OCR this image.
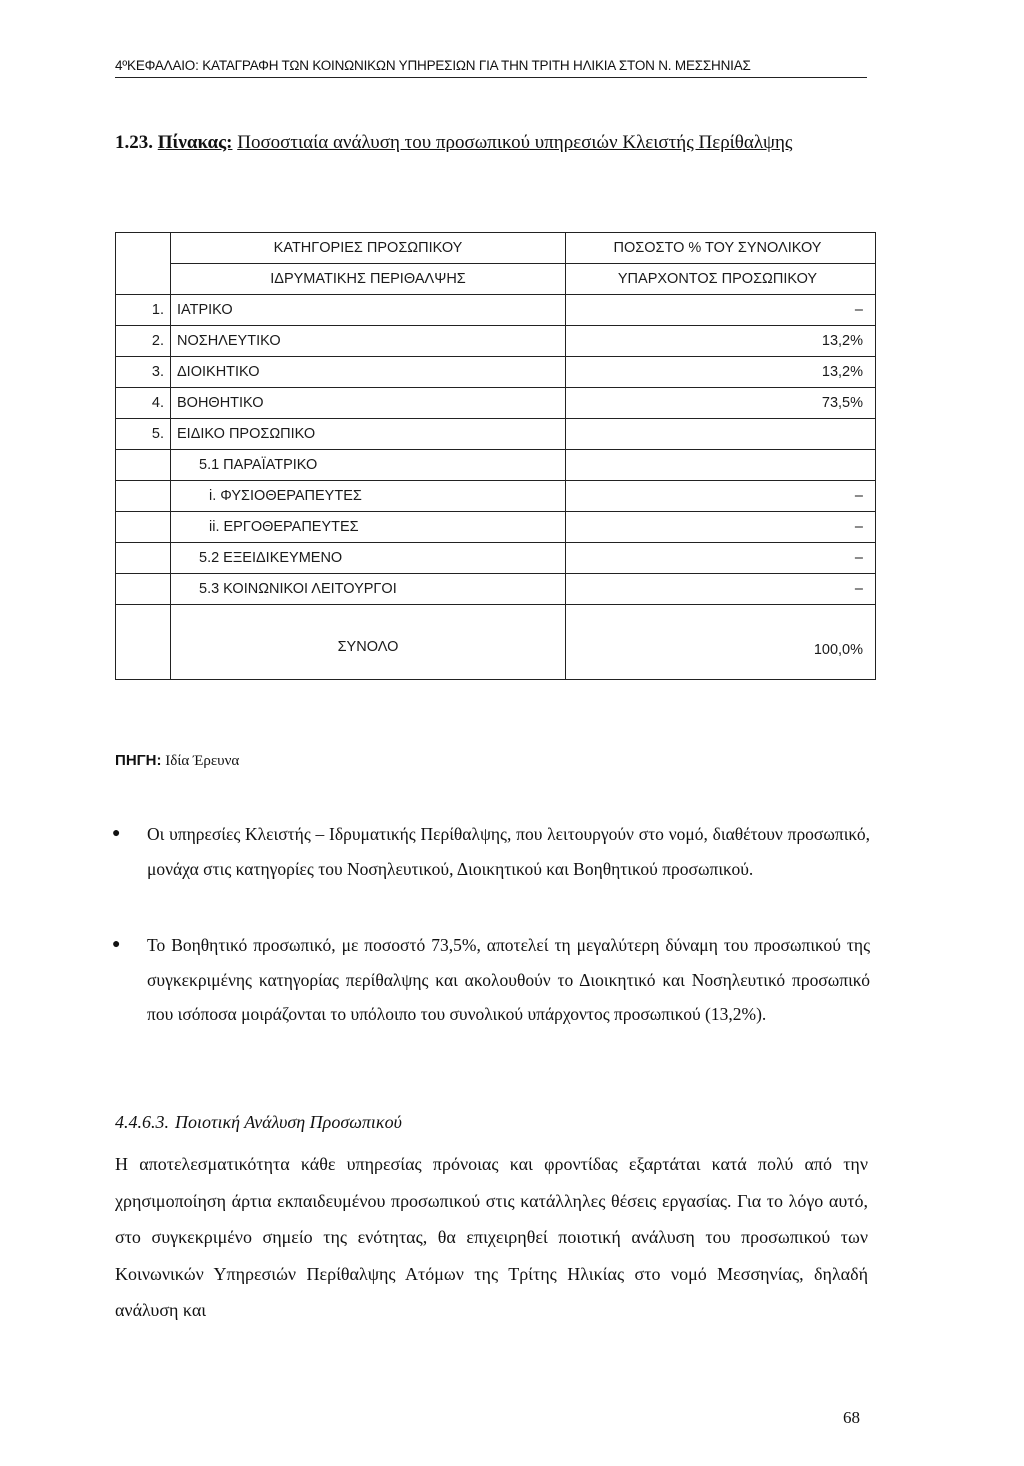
4ºΚΕΦΑΛΑΙΟ: ΚΑΤΑΓΡΑΦΗ ΤΩΝ ΚΟΙΝΩΝΙΚΩΝ ΥΠΗΡΕΣΙΩΝ ΓΙΑ ΤΗΝ ΤΡΙΤΗ ΗΛΙΚΙΑ ΣΤΟΝ Ν. ΜΕΣΣΗΝΙΑΣ
1.23. Πίνακας: Ποσοστιαία ανάλυση του προσωπικού υπηρεσιών Κλειστής Περίθαλψης
	ΚΑΤΗΓΟΡΙΕΣ ΠΡΟΣΩΠΙΚΟΥ	ΠΟΣΟΣΤΟ % ΤΟΥ ΣΥΝΟΛΙΚΟΥ
	ΙΔΡΥΜΑΤΙΚΗΣ ΠΕΡΙΘΑΛΨΗΣ	ΥΠΑΡΧΟΝΤΟΣ ΠΡΟΣΩΠΙΚΟΥ
1.	ΙΑΤΡΙΚΟ	–
2.	ΝΟΣΗΛΕΥΤΙΚΟ	13,2%
3.	ΔΙΟΙΚΗΤΙΚΟ	13,2%
4.	ΒΟΗΘΗΤΙΚΟ	73,5%
5.	ΕΙΔΙΚΟ ΠΡΟΣΩΠΙΚΟ	
	5.1 ΠΑΡΑΪΑΤΡΙΚΟ	
	i. ΦΥΣΙΟΘΕΡΑΠΕΥΤΕΣ	–
	ii. ΕΡΓΟΘΕΡΑΠΕΥΤΕΣ	–
	5.2 ΕΞΕΙΔΙΚΕΥΜΕΝΟ	–
	5.3 ΚΟΙΝΩΝΙΚΟΙ ΛΕΙΤΟΥΡΓΟΙ	–
	ΣΥΝΟΛΟ	100,0%
ΠΗΓΗ: Ιδία Έρευνα
● Οι υπηρεσίες Κλειστής – Ιδρυματικής Περίθαλψης, που λειτουργούν στο νομό, διαθέτουν προσωπικό, μονάχα στις κατηγορίες του Νοσηλευτικού, Διοικητικού και Βοηθητικού προσωπικού.
● Το Βοηθητικό προσωπικό, με ποσοστό 73,5%, αποτελεί τη μεγαλύτερη δύναμη του προσωπικού της συγκεκριμένης κατηγορίας περίθαλψης και ακολουθούν το Διοικητικό και Νοσηλευτικό προσωπικό που ισόποσα μοιράζονται το υπόλοιπο του συνολικού υπάρχοντος προσωπικού (13,2%).
4.4.6.3. Ποιοτική Ανάλυση Προσωπικού
Η αποτελεσματικότητα κάθε υπηρεσίας πρόνοιας και φροντίδας εξαρτάται κατά πολύ από την χρησιμοποίηση άρτια εκπαιδευμένου προσωπικού στις κατάλληλες θέσεις εργασίας. Για το λόγο αυτό, στο συγκεκριμένο σημείο της ενότητας, θα επιχειρηθεί ποιοτική ανάλυση του προσωπικού των Κοινωνικών Υπηρεσιών Περίθαλψης Ατόμων της Τρίτης Ηλικίας στο νομό Μεσσηνίας, δηλαδή ανάλυση και
68
